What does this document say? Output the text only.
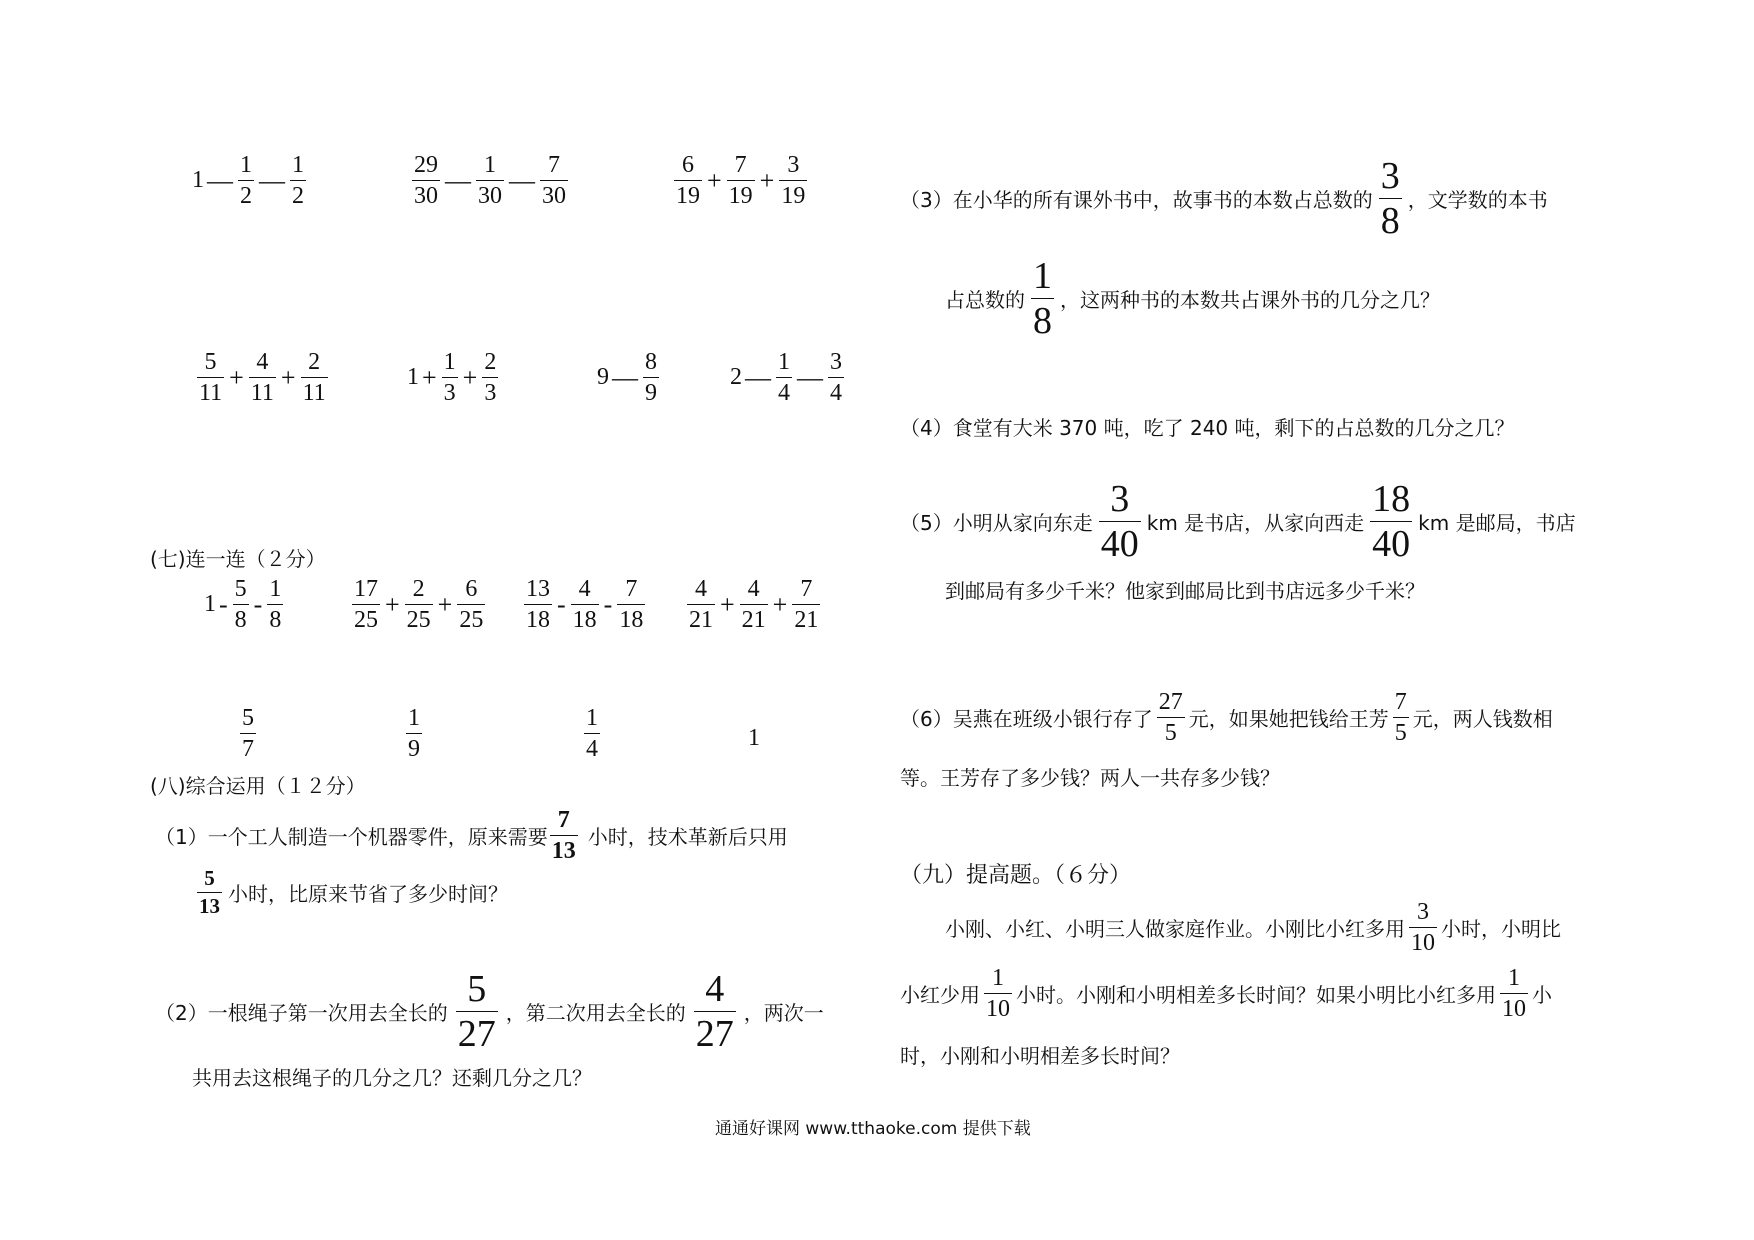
1 — $\frac{1}{2}$ — $\frac{1}{2}$	$\frac{29}{30}$ — $\frac{1}{30}$ — $\frac{7}{30}$	$\frac{6}{19} + \frac{7}{19} + \frac{3}{19}$
$\frac{5}{11} + \frac{4}{11} + \frac{2}{11}$	$1 + \frac{1}{3} + \frac{2}{3}$	9 — $\frac{8}{9}$	2 — $\frac{1}{4}$ — $\frac{3}{4}$
(七)连一连（２分）
$1 - \frac{5}{8} - \frac{1}{8}$	$\frac{17}{25} + \frac{2}{25} + \frac{6}{25} \frac{13}{18} - \frac{4}{18} - \frac{7}{18} \frac{4}{21} + \frac{4}{21} + \frac{7}{21}$
$\frac{5}{7}$	$\frac{1}{9}$	$\frac{1}{4}$	1
(八)综合运用（１２分）
（1）一个工人制造一个机器零件，原来需要 $\frac{7}{13}$ 小时，技术革新后只用
$\frac{5}{13}$ 小时，比原来节省了多少时间？
（2）一根绳子第一次用去全长的 $\frac{5}{27}$ ，第二次用去全长的 $\frac{4}{27}$ ，两次一
共用去这根绳子的几分之几？还剩几分之几？
（3）在小华的所有课外书中，故事书的本数占总数的 $\frac{3}{8}$ ，文学数的本书
占总数的 $\frac{1}{8}$ ，这两种书的本数共占课外书的几分之几？
（4）食堂有大米 370 吨，吃了 240 吨，剩下的占总数的几分之几？
（5）小明从家向东走 $\frac{3}{40}$ km 是书店，从家向西走 $\frac{18}{40}$ km 是邮局，书店
到邮局有多少千米？他家到邮局比到书店远多少千米？
（6）吴燕在班级小银行存了 $\frac{27}{5}$ 元，如果她把钱给王芳 $\frac{7}{5}$ 元，两人钱数相
等。王芳存了多少钱？两人一共存多少钱？
（九）提高题。（６分）
小刚、小红、小明三人做家庭作业。小刚比小红多用 $\frac{3}{10}$ 小时，小明比
小红少用 $\frac{1}{10}$ 小时。小刚和小明相差多长时间？如果小明比小红多用 $\frac{1}{10}$ 小
时，小刚和小明相差多长时间？
通通好课网 www.tthaoke.com 提供下载
